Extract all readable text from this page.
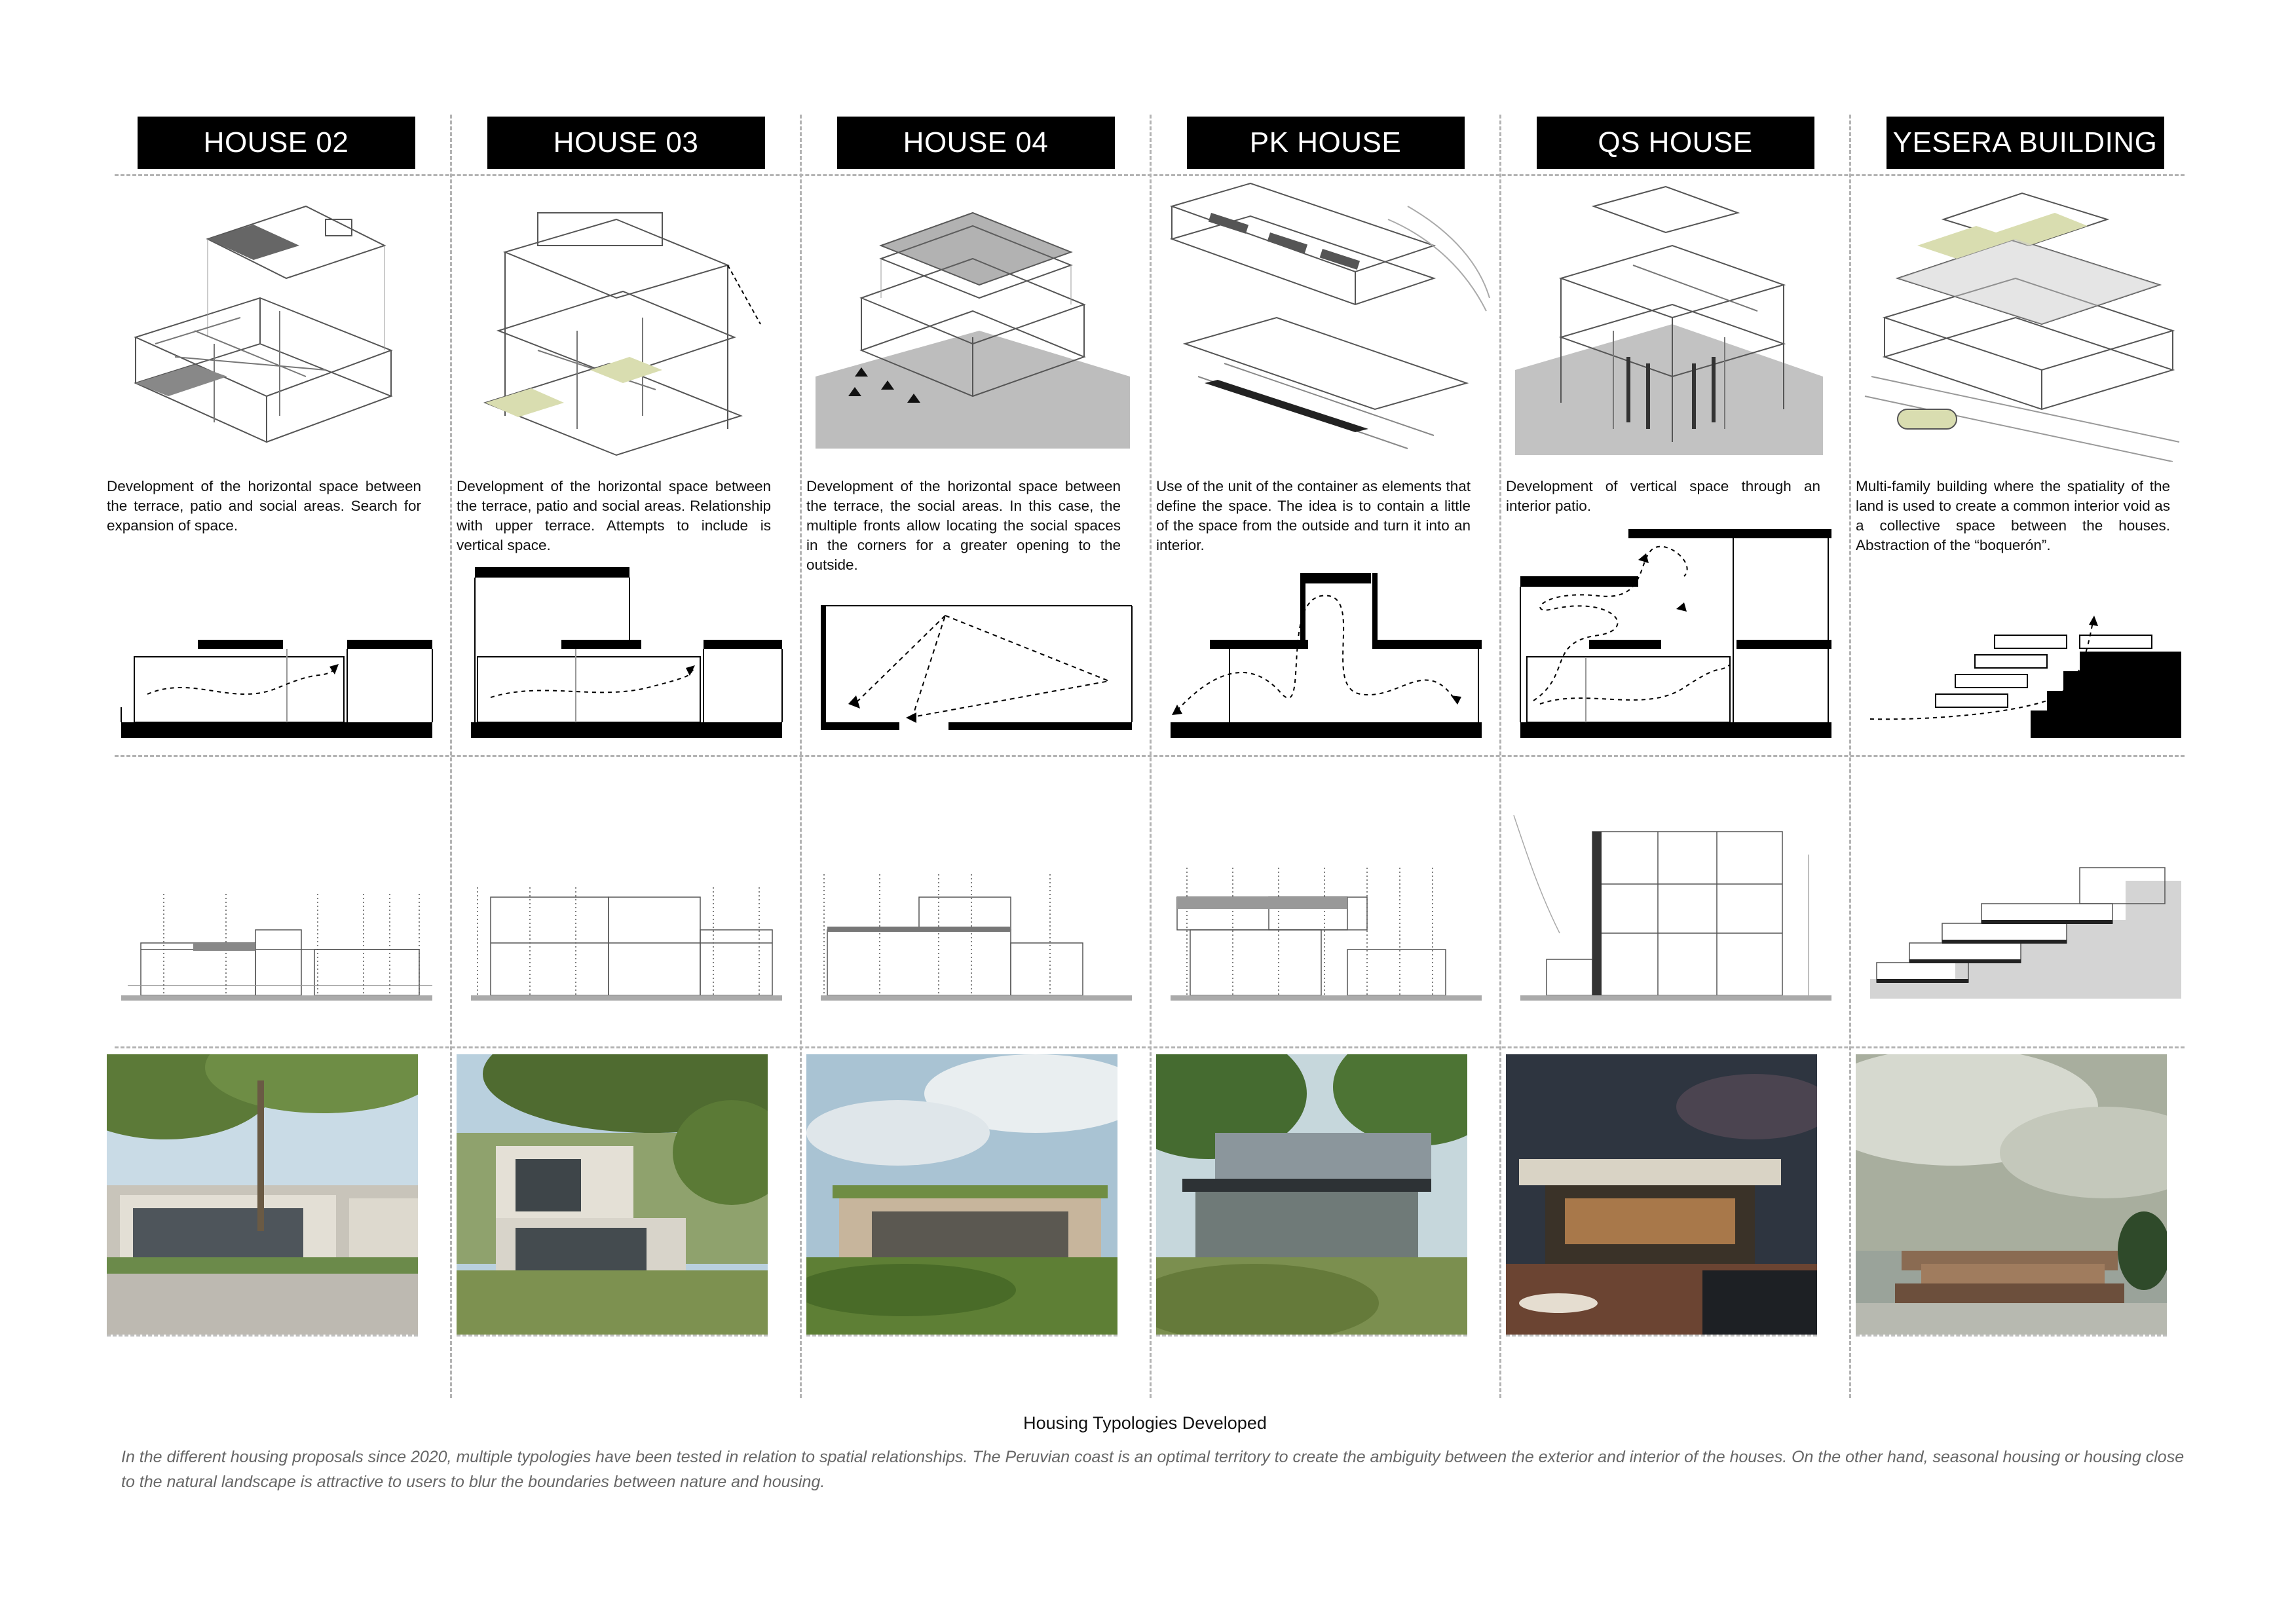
HOUSE 02
Development of the horizontal space between the terrace, patio and social areas. Search for expansion of space.
HOUSE 03
Development of the horizontal space between the terrace, patio and social areas. Relationship with upper terrace. Attempts to include is vertical space.
HOUSE 04
Development of the horizontal space between the terrace, the social areas. In this case, the multiple fronts allow locating the social spaces in the corners for a greater opening to the outside.
PK HOUSE
Use of the unit of the container as elements that define the space. The idea is to contain a little of the space from the outside and turn it into an interior.
QS HOUSE
Development of vertical space through an interior patio.
YESERA BUILDING
Multi-family building where the spatiality of the land is used to create a common interior void as a collective space between the houses. Abstraction of the “boquerón”.
Housing Typologies Developed
In the different housing proposals since 2020, multiple typologies have been tested in relation to spatial relationships. The Peruvian coast is an optimal territory to create the ambiguity between the exterior and interior of the houses. On the other hand, seasonal housing or housing close to the natural landscape is attractive to users to blur the boundaries between nature and housing.
